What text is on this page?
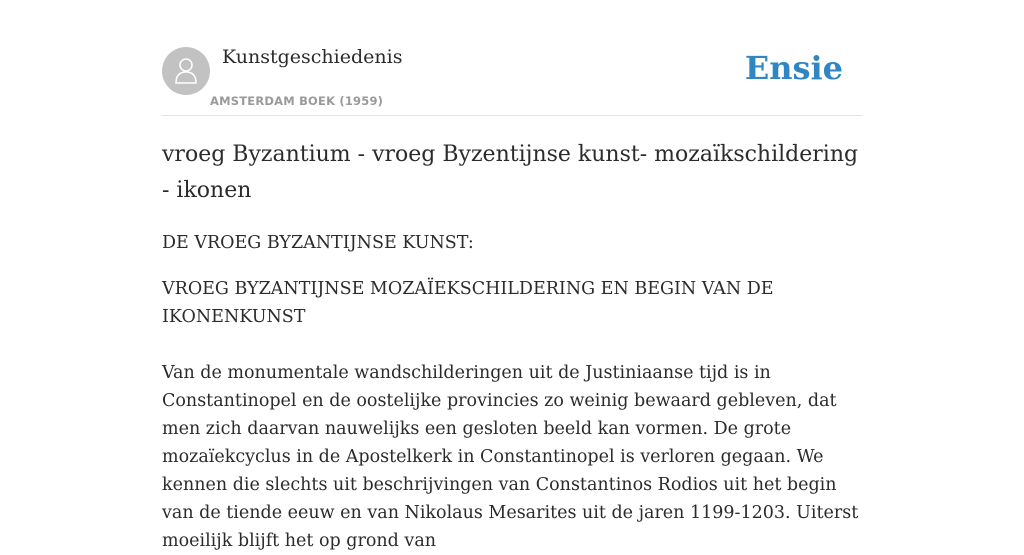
Kunstgeschiedenis
AMSTERDAM BOEK (1959)
Ensie
vroeg Byzantium - vroeg Byzentijnse kunst- mozaïkschildering - ikonen

DE VROEG BYZANTIJNSE KUNST:

VROEG BYZANTIJNSE MOZAÏEKSCHILDERING EN BEGIN VAN DE IKONENKUNST

Van de monumentale wandschilderingen uit de Justiniaanse tijd is in Constantinopel en de oostelijke provincies zo weinig bewaard gebleven, dat men zich daarvan nauwelijks een gesloten beeld kan vormen. De grote mozaïekcyclus in de Apostelkerk in Constantinopel is verloren gegaan. We kennen die slechts uit beschrijvingen van Constantinos Rodios uit het begin van de tiende eeuw en van Nikolaus Mesarites uit de jaren 1199-1203. Uiterst moeilijk blijft het op grond van
